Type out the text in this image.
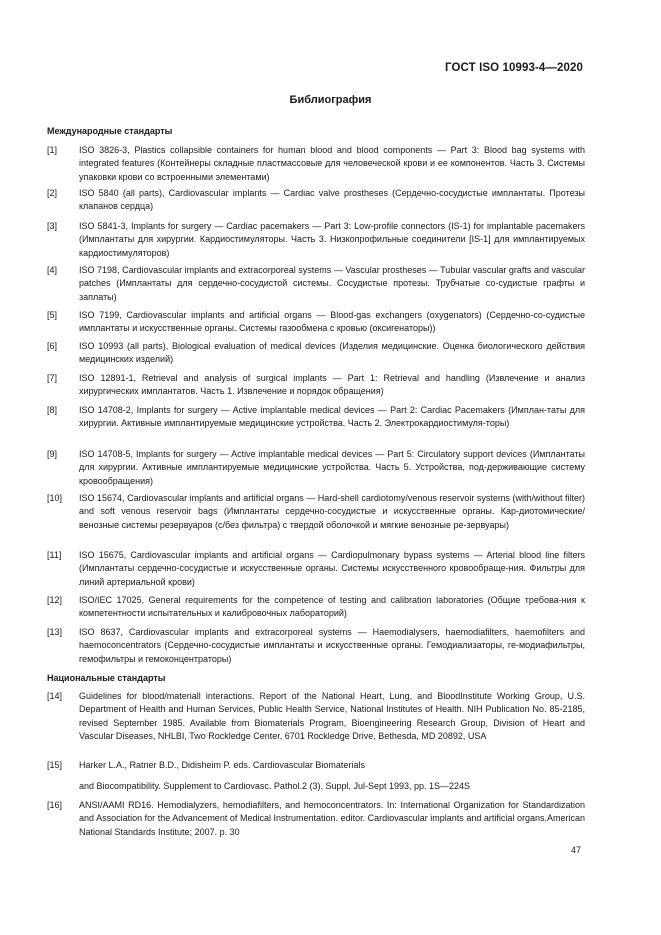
ГОСТ ISO 10993-4—2020
Библиография
Международные стандарты
[1] ISO 3826-3, Plastics collapsible containers for human blood and blood components — Part 3: Blood bag systems with integrated features (Контейнеры складные пластмассовые для человеческой крови и ее компонентов. Часть 3. Системы упаковки крови со встроенными элементами)
[2] ISO 5840 (all parts), Cardiovascular implants — Cardiac valve prostheses (Сердечно-сосудистые имплантаты. Протезы клапанов сердца)
[3] ISO 5841-3, Implants for surgery — Cardiac pacemakers — Part 3: Low-profile connectors (IS-1) for implantable pacemakers (Имплантаты для хирургии. Кардиостимуляторы. Часть 3. Низкопрофильные соединители [IS-1] для имплантируемых кардиостимуляторов)
[4] ISO 7198, Cardiovascular implants and extracorporeal systems — Vascular prostheses — Tubular vascular grafts and vascular patches (Имплантаты для сердечно-сосудистой системы. Сосудистые протезы. Трубчатые со-судистые графты и заплаты)
[5] ISO 7199, Cardiovascular implants and artificial organs — Blood-gas exchangers (oxygenators) (Сердечно-со-судистые имплантаты и искусственные органы. Системы газообмена с кровью (оксигенаторы))
[6] ISO 10993 (all parts), Biological evaluation of medical devices (Изделия медицинские. Оценка биологического действия медицинских изделий)
[7] ISO 12891-1, Retrieval and analysis of surgical implants — Part 1: Retrieval and handling (Извлечение и анализ хирургических имплантатов. Часть 1. Извлечение и порядок обращения)
[8] ISO 14708-2, Implants for surgery — Active implantable medical devices — Part 2: Cardiac Pacemakers (Имплан-таты для хирургии. Активные имплантируемые медицинские устройства. Часть 2. Электрокардиостимуля-торы)
[9] ISO 14708-5, Implants for surgery — Active implantable medical devices — Part 5: Circulatory support devices (Имплантаты для хирургии. Активные имплантируемые медицинские устройства. Часть 5. Устройства, под-держивающие систему кровообращения)
[10] ISO 15674, Cardiovascular implants and artificial organs — Hard-shell cardiotomy/venous reservoir systems (with/without filter) and soft venous reservoir bags (Имплантаты сердечно-сосудистые и искусственные органы. Кар-диотомические/венозные системы резервуаров (с/без фильтра) с твердой оболочкой и мягкие венозные ре-зервуары)
[11] ISO 15675, Cardiovascular implants and artificial organs — Cardiopulmonary bypass systems — Arterial blood line filters (Имплантаты сердечно-сосудистые и искусственные органы. Системы искусственного кровообраще-ния. Фильтры для линий артериальной крови)
[12] ISO/IEC 17025, General requirements for the competence of testing and calibration laboratories (Общие требова-ния к компетентности испытательных и калибровочных лабораторий)
[13] ISO 8637, Cardiovascular implants and extracorporeal systems — Haemodialysers, haemodiafilters, haemofilters and haemoconcentrators (Сердечно-сосудистые имплантаты и искусственные органы. Гемодиализаторы, ге-модиафильтры, гемофильтры и гемоконцентраторы)
Национальные стандарты
[14] Guidelines for blood/materiall interactions. Report of the National Heart, Lung, and BloodInstitute Working Group, U.S. Department of Health and Human Services, Public Health Service, National Institutes of Health. NIH Publication No. 85-2185, revised September 1985. Available from Biomaterials Program, Bioengineering Research Group, Division of Heart and Vascular Diseases, NHLBI, Two Rockledge Center, 6701 Rockledge Drive, Bethesda, MD 20892, USA
[15] Harker L.A., Ratner B.D., Didisheim P. eds. Cardiovascular Biomaterials
and Biocompatibility. Supplement to Cardiovasc. Pathol.2 (3). Suppl, Jul-Sept 1993, pp. 1S—224S
[16] ANSI/AAMI RD16. Hemodialyzers, hemodiafilters, and hemoconcentrators. In: International Organization for Standardization and Association for the Advancement of Medical Instrumentation. editor. Cardiovascular implants and artificial organs.American National Standards Institute; 2007. p. 30
47
